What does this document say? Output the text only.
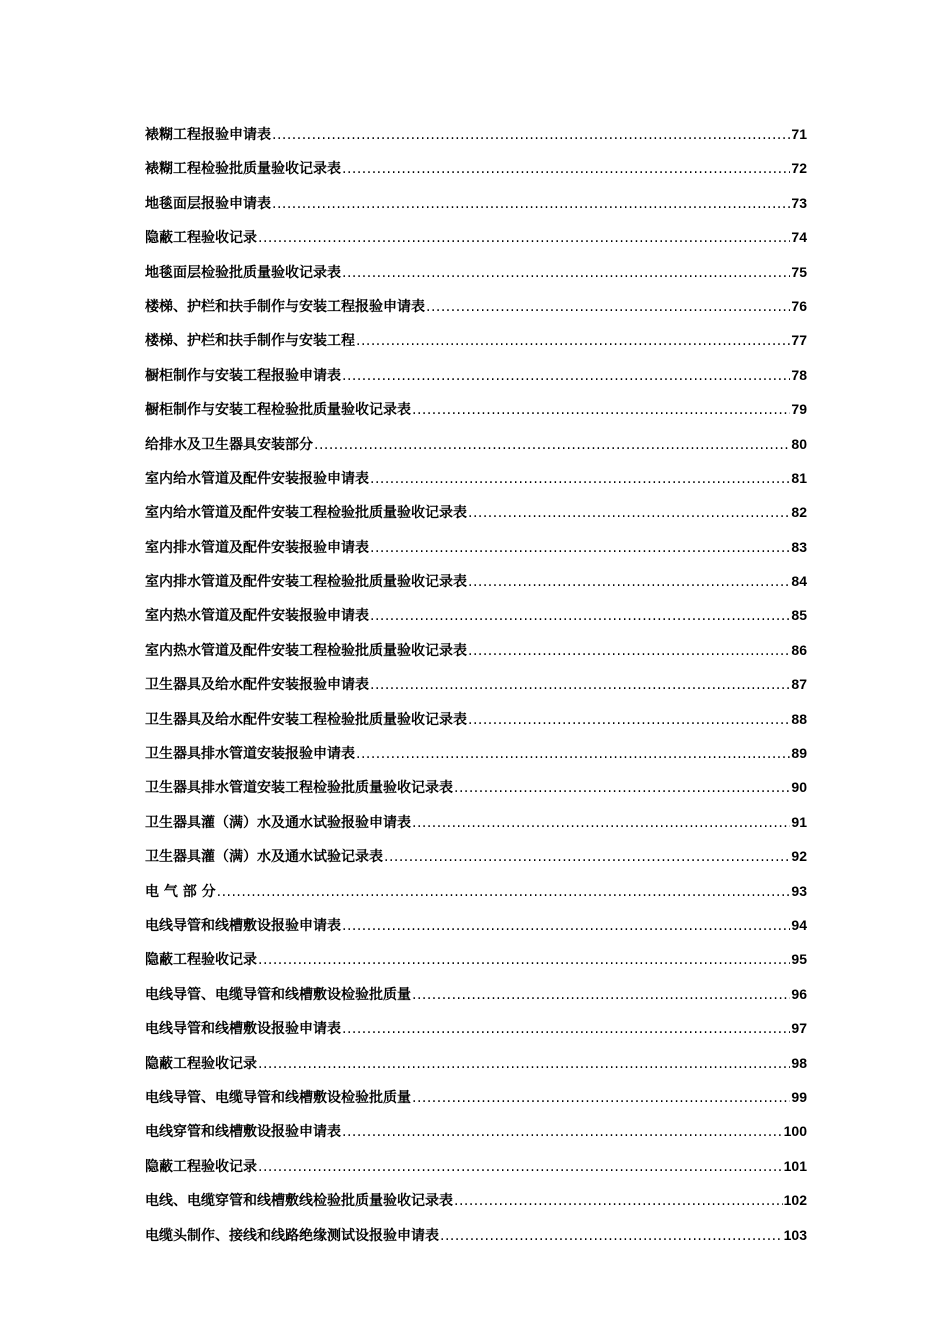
裱糊工程报验申请表 .....	71
裱糊工程检验批质量验收记录表 .....	72
地毯面层报验申请表 .....	73
隐蔽工程验收记录 .....	74
地毯面层检验批质量验收记录表 .....	75
楼梯、护栏和扶手制作与安装工程报验申请表 .....	76
楼梯、护栏和扶手制作与安装工程 .....	77
橱柜制作与安装工程报验申请表 .....	78
橱柜制作与安装工程检验批质量验收记录表 .....	79
给排水及卫生器具安装部分 .....	80
室内给水管道及配件安装报验申请表 .....	81
室内给水管道及配件安装工程检验批质量验收记录表 .....	82
室内排水管道及配件安装报验申请表 .....	83
室内排水管道及配件安装工程检验批质量验收记录表 .....	84
室内热水管道及配件安装报验申请表 .....	85
室内热水管道及配件安装工程检验批质量验收记录表 .....	86
卫生器具及给水配件安装报验申请表 .....	87
卫生器具及给水配件安装工程检验批质量验收记录表 .....	88
卫生器具排水管道安装报验申请表 .....	89
卫生器具排水管道安装工程检验批质量验收记录表 .....	90
卫生器具灌（满）水及通水试验报验申请表 .....	91
卫生器具灌（满）水及通水试验记录表 .....	92
电 气 部 分 .....	93
电线导管和线槽敷设报验申请表 .....	94
隐蔽工程验收记录 .....	95
电线导管、电缆导管和线槽敷设检验批质量 .....	96
电线导管和线槽敷设报验申请表 .....	97
隐蔽工程验收记录 .....	98
电线导管、电缆导管和线槽敷设检验批质量 .....	99
电线穿管和线槽敷设报验申请表 .....	100
隐蔽工程验收记录 .....	101
电线、电缆穿管和线槽敷线检验批质量验收记录表 .....	102
电缆头制作、接线和线路绝缘测试设报验申请表 .....	103
